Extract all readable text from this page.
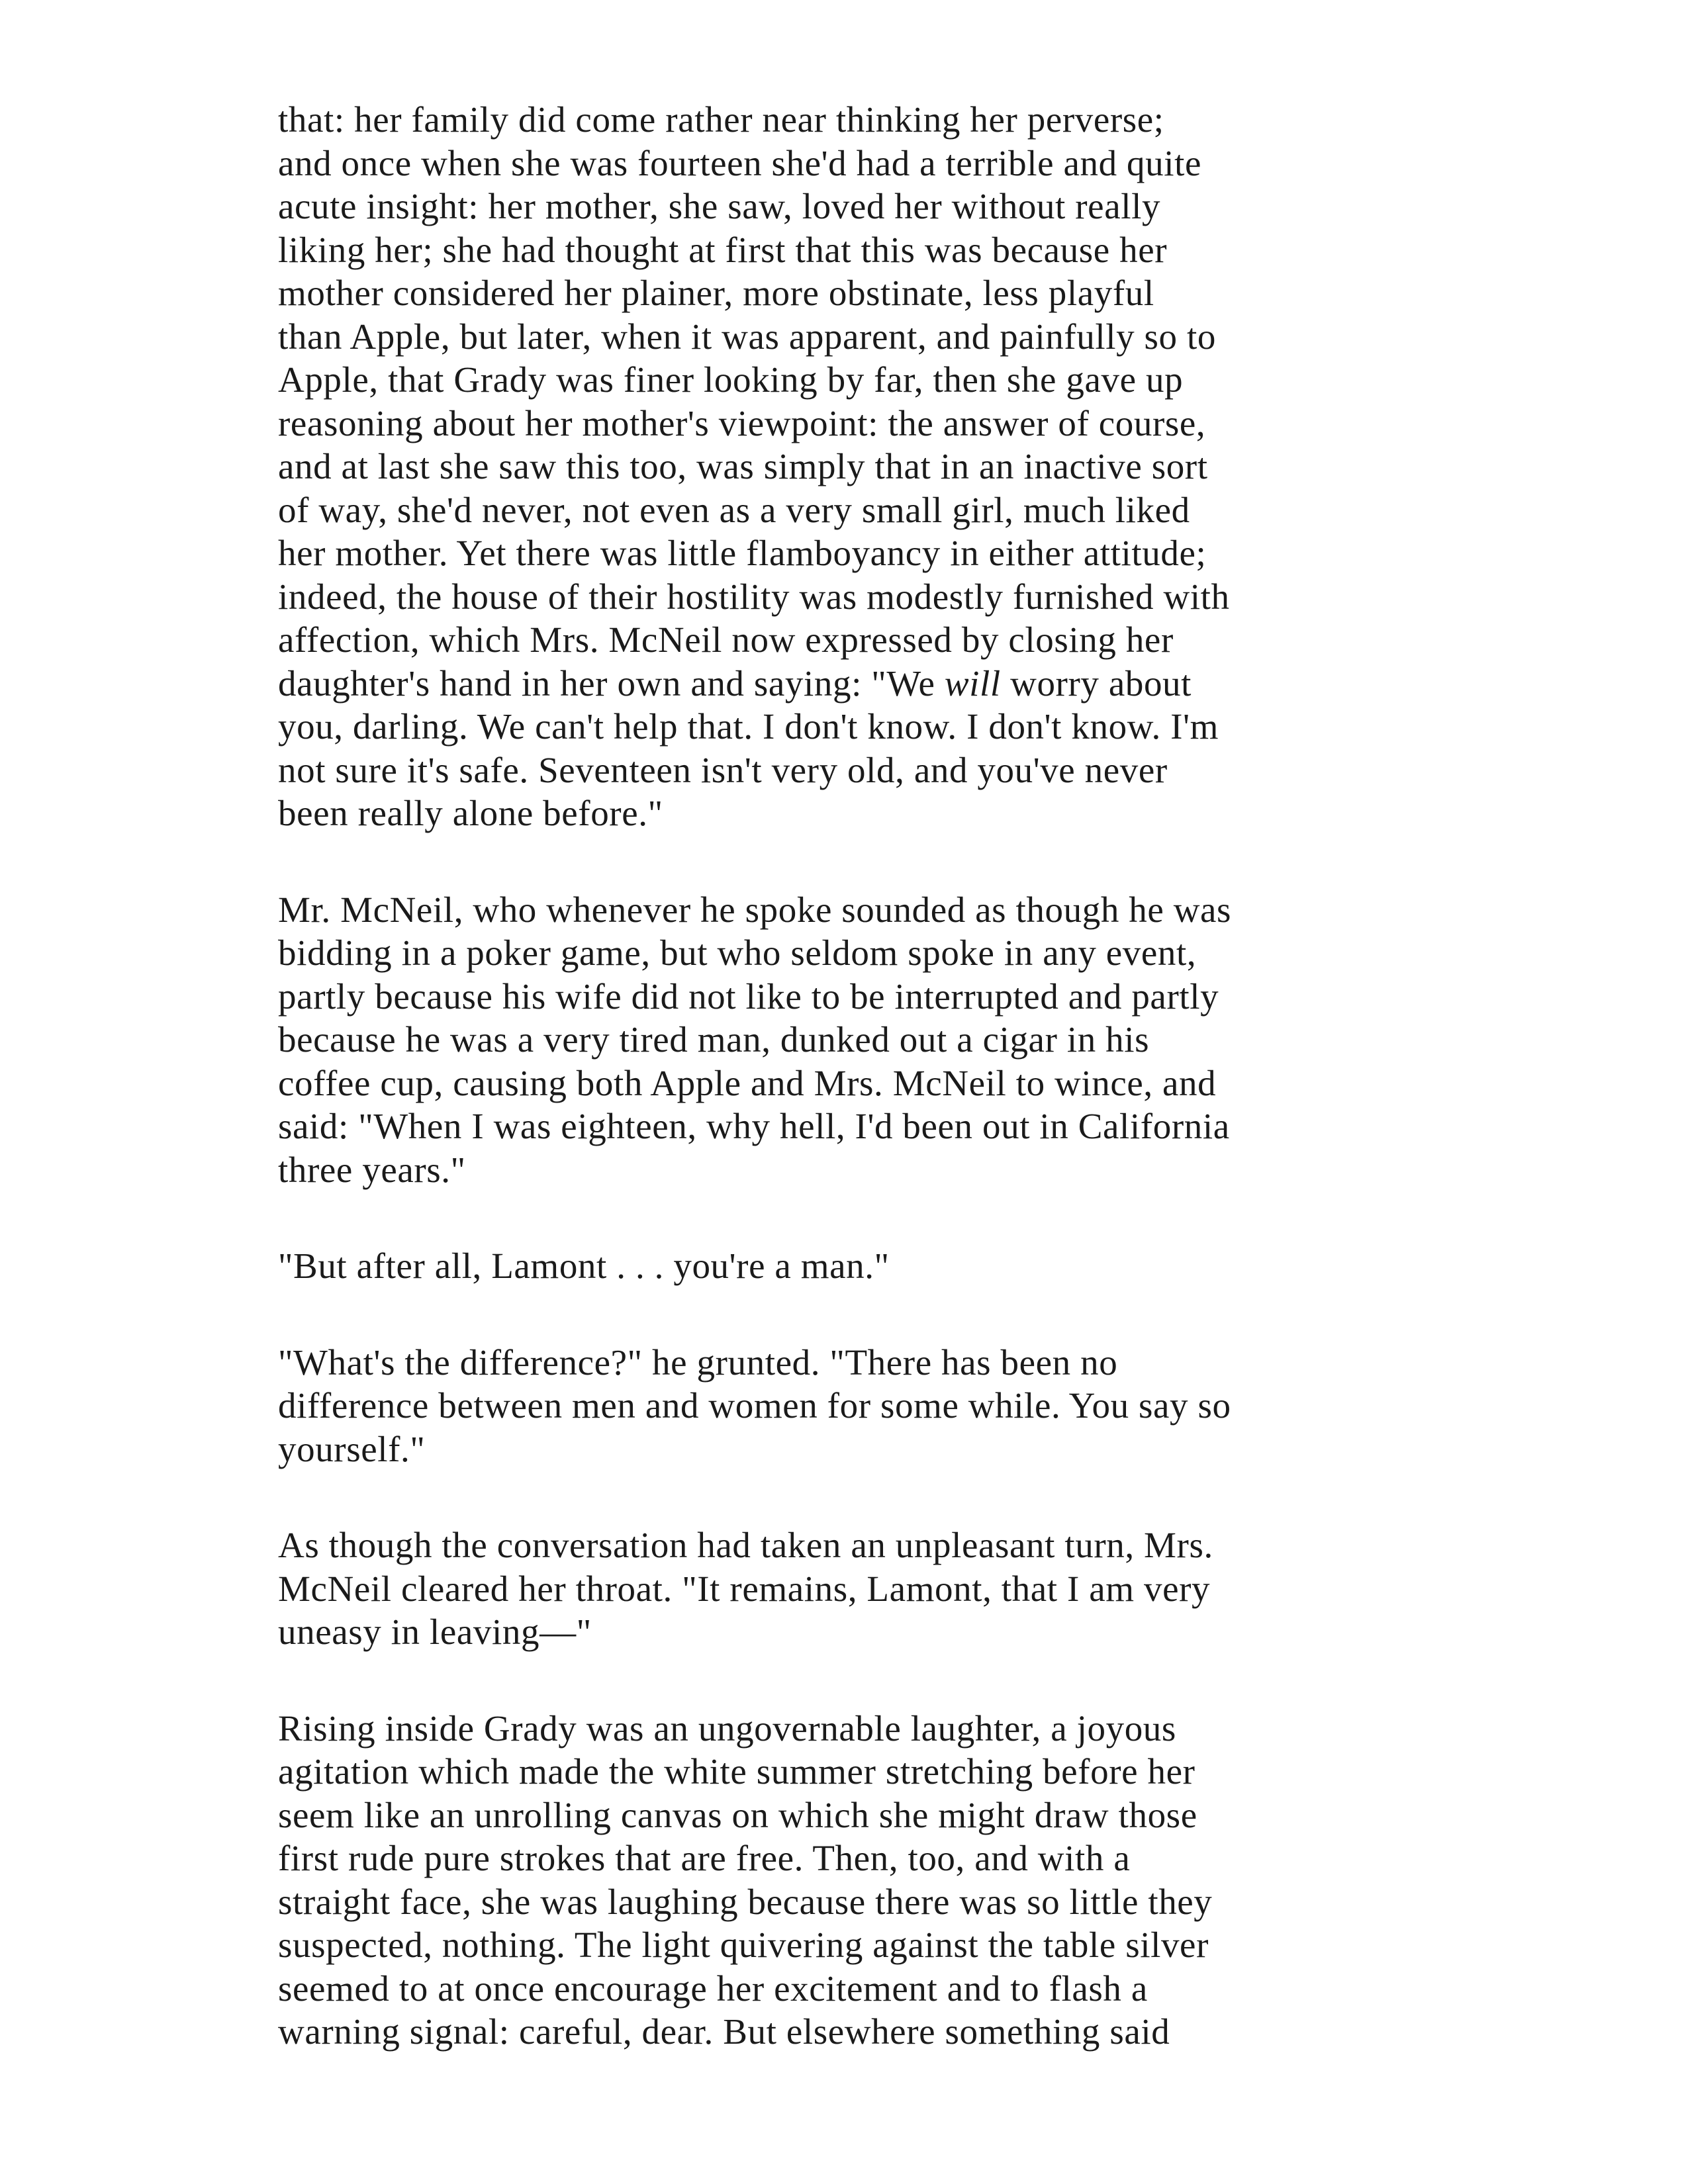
that: her family did come rather near thinking her perverse;
and once when she was fourteen she'd had a terrible and quite
acute insight: her mother, she saw, loved her without really
liking her; she had thought at first that this was because her
mother considered her plainer, more obstinate, less playful
than Apple, but later, when it was apparent, and painfully so to
Apple, that Grady was finer looking by far, then she gave up
reasoning about her mother's viewpoint: the answer of course,
and at last she saw this too, was simply that in an inactive sort
of way, she'd never, not even as a very small girl, much liked
her mother. Yet there was little flamboyancy in either attitude;
indeed, the house of their hostility was modestly furnished with
affection, which Mrs. McNeil now expressed by closing her
daughter's hand in her own and saying: "We will worry about
you, darling. We can't help that. I don't know. I don't know. I'm
not sure it's safe. Seventeen isn't very old, and you've never
been really alone before."

Mr. McNeil, who whenever he spoke sounded as though he was
bidding in a poker game, but who seldom spoke in any event,
partly because his wife did not like to be interrupted and partly
because he was a very tired man, dunked out a cigar in his
coffee cup, causing both Apple and Mrs. McNeil to wince, and
said: "When I was eighteen, why hell, I'd been out in California
three years."

"But after all, Lamont . . . you're a man."

"What's the difference?" he grunted. "There has been no
difference between men and women for some while. You say so
yourself."

As though the conversation had taken an unpleasant turn, Mrs.
McNeil cleared her throat. "It remains, Lamont, that I am very
uneasy in leaving—"

Rising inside Grady was an ungovernable laughter, a joyous
agitation which made the white summer stretching before her
seem like an unrolling canvas on which she might draw those
first rude pure strokes that are free. Then, too, and with a
straight face, she was laughing because there was so little they
suspected, nothing. The light quivering against the table silver
seemed to at once encourage her excitement and to flash a
warning signal: careful, dear. But elsewhere something said
